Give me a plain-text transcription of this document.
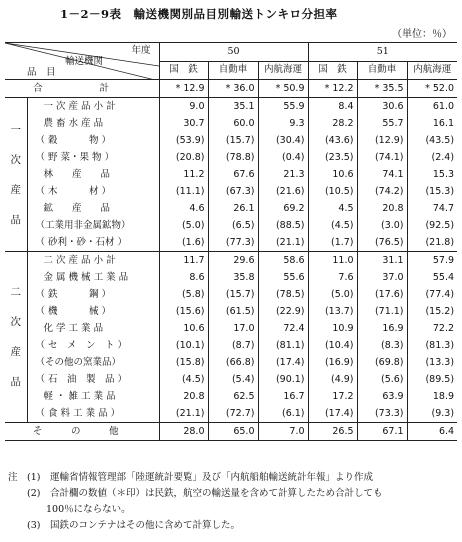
1－2－9表　輸送機関別品目別輸送トンキロ分担率
（単位：％）
年度
輸送機関
品　目		50			51		
		国　鉄	自動車	内航海運	国　鉄	自動車	内航海運
合　　　　　　計		* 12.9	* 36.0	* 50.9	* 12.2	* 35.5	* 52.0

一
次
産
品	一 次 産 品 小 計	9.0	35.1	55.9	8.4	30.6	61.0
	農 畜 水 産 品	30.7	60.0	9.3	28.2	55.7	16.1
	（ 穀　　　 物 ）	(53.9)	(15.7)	(30.4)	(43.6)	(12.9)	(43.5)
	（ 野 菜・果 物 ）	(20.8)	(78.8)	(0.4)	(23.5)	(74.1)	(2.4)
	林　　産　　品	11.2	67.6	21.3	10.6	74.1	15.3
	（ 木　　　 材 ）	(11.1)	(67.3)	(21.6)	(10.5)	(74.2)	(15.3)
	鉱　　産　　品	4.6	26.1	69.2	4.5	20.8	74.7
	（工業用非金属鉱物）	(5.0)	(6.5)	(88.5)	(4.5)	(3.0)	(92.5)
	（ 砂利・砂・石材 ）	(1.6)	(77.3)	(21.1)	(1.7)	(76.5)	(21.8)

二
次
産
品	二 次 産 品 小 計	11.7	29.6	58.6	11.0	31.1	57.9
	金 属 機 械 工 業 品	8.6	35.8	55.6	7.6	37.0	55.4
	（ 鉄　　　 鋼 ）	(5.8)	(15.7)	(78.5)	(5.0)	(17.6)	(77.4)
	（ 機　　　 械 ）	(15.6)	(61.5)	(22.9)	(13.7)	(71.1)	(15.2)
	化 学 工 業 品	10.6	17.0	72.4	10.9	16.9	72.2
	（ セ　メ　ン　ト ）	(10.1)	(8.7)	(81.1)	(10.4)	(8.3)	(81.3)
	（その他の窯業品）	(15.8)	(66.8)	(17.4)	(16.9)	(69.8)	(13.3)
	（ 石　油　製　品 ）	(4.5)	(5.4)	(90.1)	(4.9)	(5.6)	(89.5)
	軽 ・ 雑 工 業 品	20.8	62.5	16.7	17.2	63.9	18.9
	（ 食 料 工 業 品 ）	(21.1)	(72.7)	(6.1)	(17.4)	(73.3)	(9.3)
そ　　　の　　　他		28.0	65.0	7.0	26.5	67.1	6.4
注　(1)　運輸省情報管理部「陸運統計要覧」及び「内航船舶輸送統計年報」より作成
　　(2)　合計欄の数値（＊印）は民鉄，航空の輸送量を含めて計算したため合計しても
　　　　100％にならない。
　　(3)　国鉄のコンテナはその他に含めて計算した。
